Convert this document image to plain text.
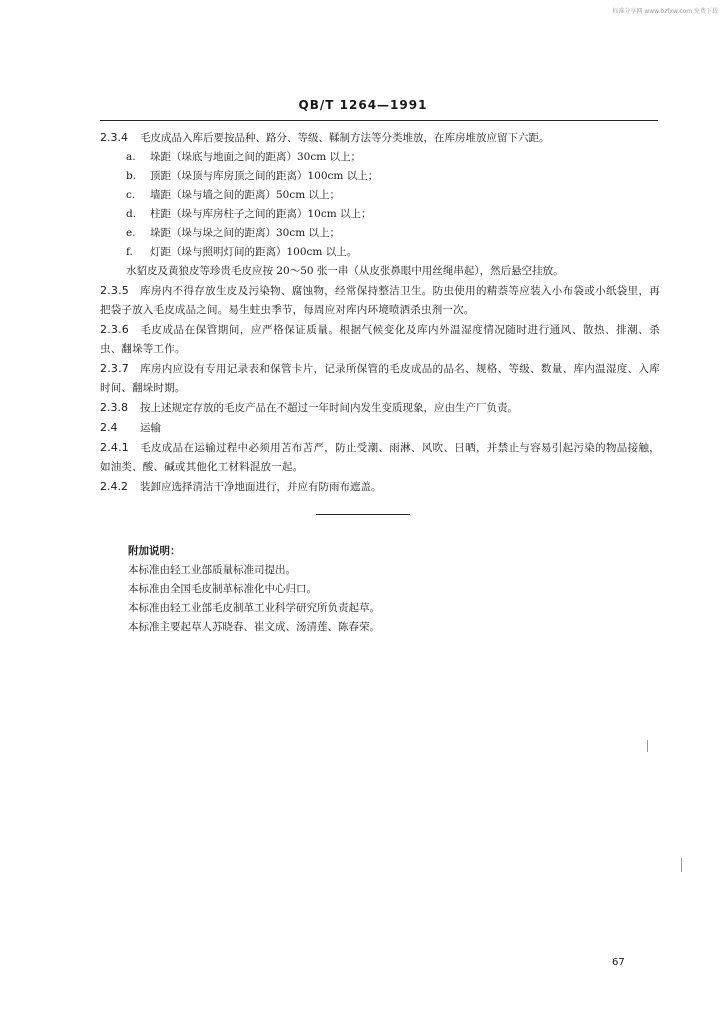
标准分享网 www.bzfxw.com 免费下载
QB/T 1264—1991
2.3.4 毛皮成品入库后要按品种、路分、等级、鞣制方法等分类堆放，在库房堆放应留下六距。
a. 垛距（垛底与地面之间的距离）30cm 以上；
b. 顶距（垛顶与库房顶之间的距离）100cm 以上；
c. 墙距（垛与墙之间的距离）50cm 以上；
d. 柱距（垛与库房柱子之间的距离）10cm 以上；
e. 垛距（垛与垛之间的距离）30cm 以上；
f. 灯距（垛与照明灯间的距离）100cm 以上。
水貂皮及黄狼皮等珍贵毛皮应按 20～50 张一串（从皮张鼻眼中用丝绳串起），然后悬空挂放。
2.3.5 库房内不得存放生皮及污染物、腐蚀物，经常保持整洁卫生。防虫使用的精萘等应装入小布袋或小纸袋里，再把袋子放入毛皮成品之间。易生蛀虫季节，每周应对库内环境喷洒杀虫剂一次。
2.3.6 毛皮成品在保管期间，应严格保证质量。根据气候变化及库内外温湿度情况随时进行通风、散热、排潮、杀虫、翻垛等工作。
2.3.7 库房内应设有专用记录表和保管卡片，记录所保管的毛皮成品的品名、规格、等级、数量、库内温湿度、入库时间、翻垛时期。
2.3.8 按上述规定存放的毛皮产品在不超过一年时间内发生变质现象，应由生产厂负责。
2.4 运输
2.4.1 毛皮成品在运输过程中必须用苫布苫严，防止受潮、雨淋、风吹、日晒，并禁止与容易引起污染的物品接触，如油类、酸、碱或其他化工材料混放一起。
2.4.2 装卸应选择清洁干净地面进行，并应有防雨布遮盖。
附加说明：
本标准由轻工业部质量标准司提出。
本标准由全国毛皮制革标准化中心归口。
本标准由轻工业部毛皮制革工业科学研究所负责起草。
本标准主要起草人苏晓春、崔文成、汤清莲、陈春荣。
67
